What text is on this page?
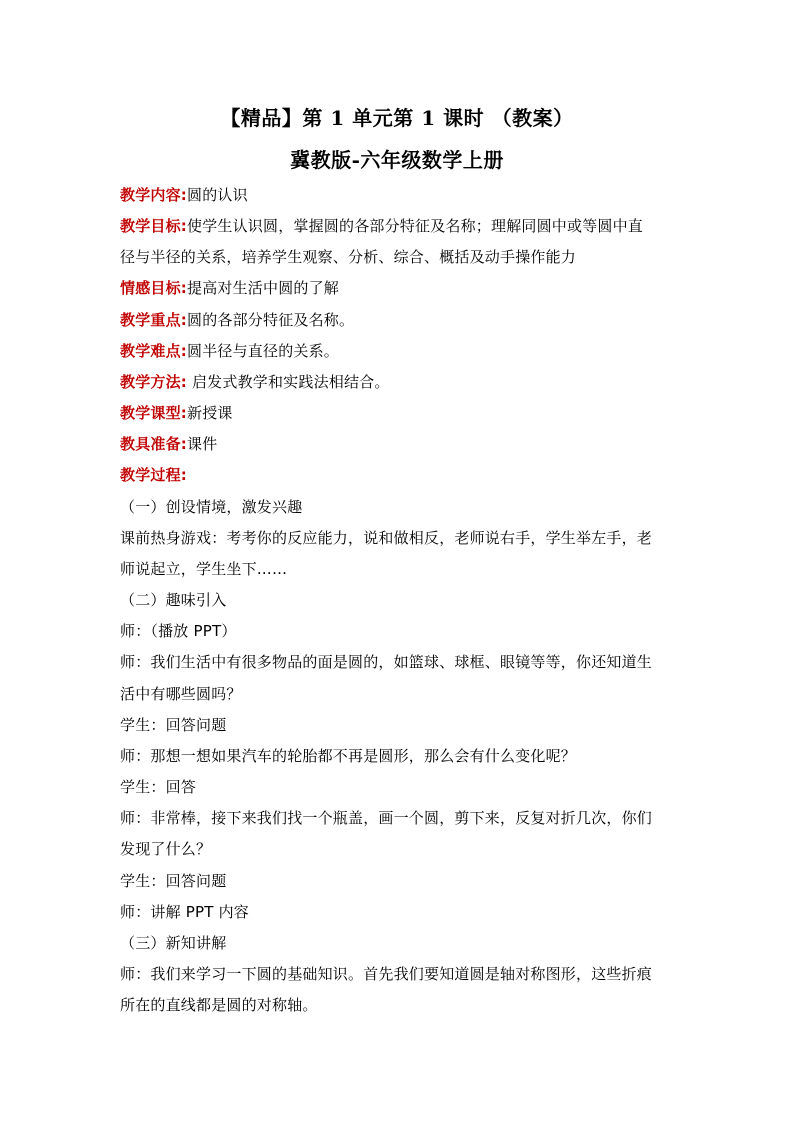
【精品】第 1 单元第 1 课时 （教案）
冀教版-六年级数学上册
教学内容:圆的认识
教学目标:使学生认识圆，掌握圆的各部分特征及名称；理解同圆中或等圆中直
径与半径的关系，培养学生观察、分析、综合、概括及动手操作能力
情感目标:提高对生活中圆的了解
教学重点:圆的各部分特征及名称。
教学难点:圆半径与直径的关系。
教学方法: 启发式教学和实践法相结合。
教学课型:新授课
教具准备:课件
教学过程:
（一）创设情境，激发兴趣
课前热身游戏：考考你的反应能力，说和做相反，老师说右手，学生举左手，老
师说起立，学生坐下……
（二）趣味引入
师：（播放 PPT）
师：我们生活中有很多物品的面是圆的，如篮球、球框、眼镜等等，你还知道生
活中有哪些圆吗？
学生：回答问题
师：那想一想如果汽车的轮胎都不再是圆形，那么会有什么变化呢？
学生：回答
师：非常棒，接下来我们找一个瓶盖，画一个圆，剪下来，反复对折几次，你们
发现了什么？
学生：回答问题
师：讲解 PPT 内容
（三）新知讲解
师：我们来学习一下圆的基础知识。首先我们要知道圆是轴对称图形，这些折痕
所在的直线都是圆的对称轴。
